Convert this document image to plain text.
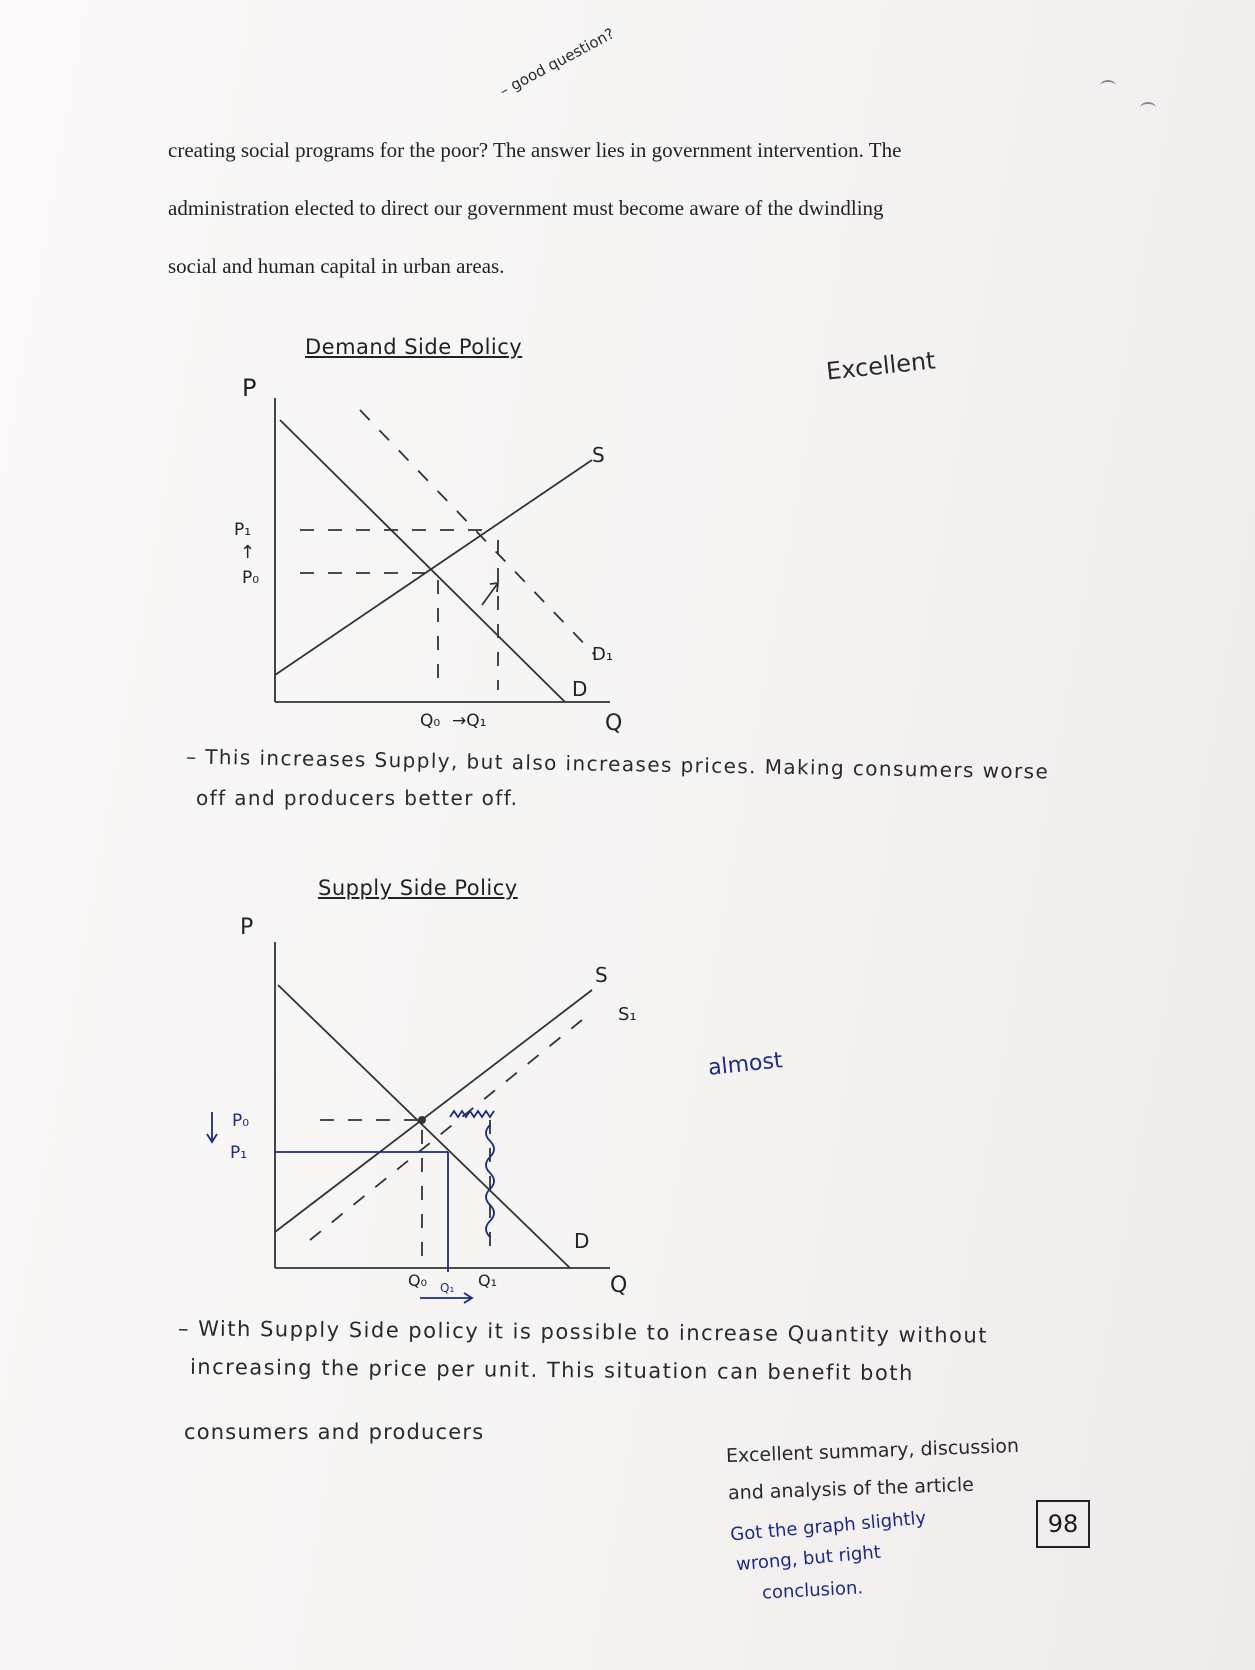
creating social programs for the poor? The answer lies in government intervention. The
administration elected to direct our government must become aware of the dwindling
social and human capital in urban areas.
– good question?
Demand Side Policy	Excellent
P
Q
S
D
D₁
P₁
↑
P₀
Q₀ →Q₁
– This increases Supply, but also increases prices. Making consumers worse
off and producers better off.
Supply Side Policy
almost
P
Q
S
S₁
D
P₀
P₁
Q₀	Q₁
Q₁
– With Supply Side policy it is possible to increase Quantity without
increasing the price per unit. This situation can benefit both
consumers and producers
Excellent summary, discussion
and analysis of the article
Got the graph slightly
wrong, but right
conclusion.
98
